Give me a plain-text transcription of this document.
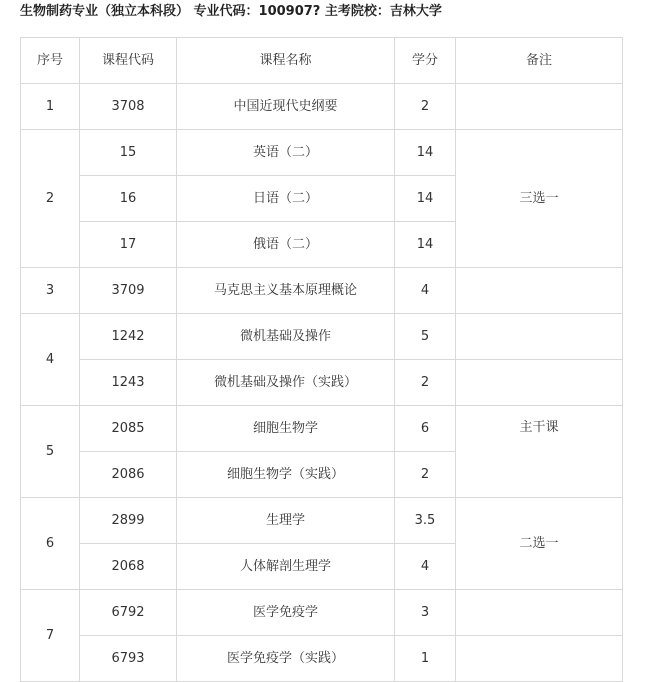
生物制药专业（独立本科段） 专业代码：100907? 主考院校：吉林大学
序号	课程代码	课程名称	学分	备注
1	3708	中国近现代史纲要	2	
2	15	英语（二）	14	三选一
	16	日语（二）	14	
	17	俄语（二）	14	
3	3709	马克思主义基本原理概论	4	
4	1242	微机基础及操作	5	
	1243	微机基础及操作（实践）	2	
5	2085	细胞生物学	6	主干课
	2086	细胞生物学（实践）	2	
6	2899	生理学	3.5	二选一
	2068	人体解剖生理学	4	
7	6792	医学免疫学	3	
	6793	医学免疫学（实践）	1	
